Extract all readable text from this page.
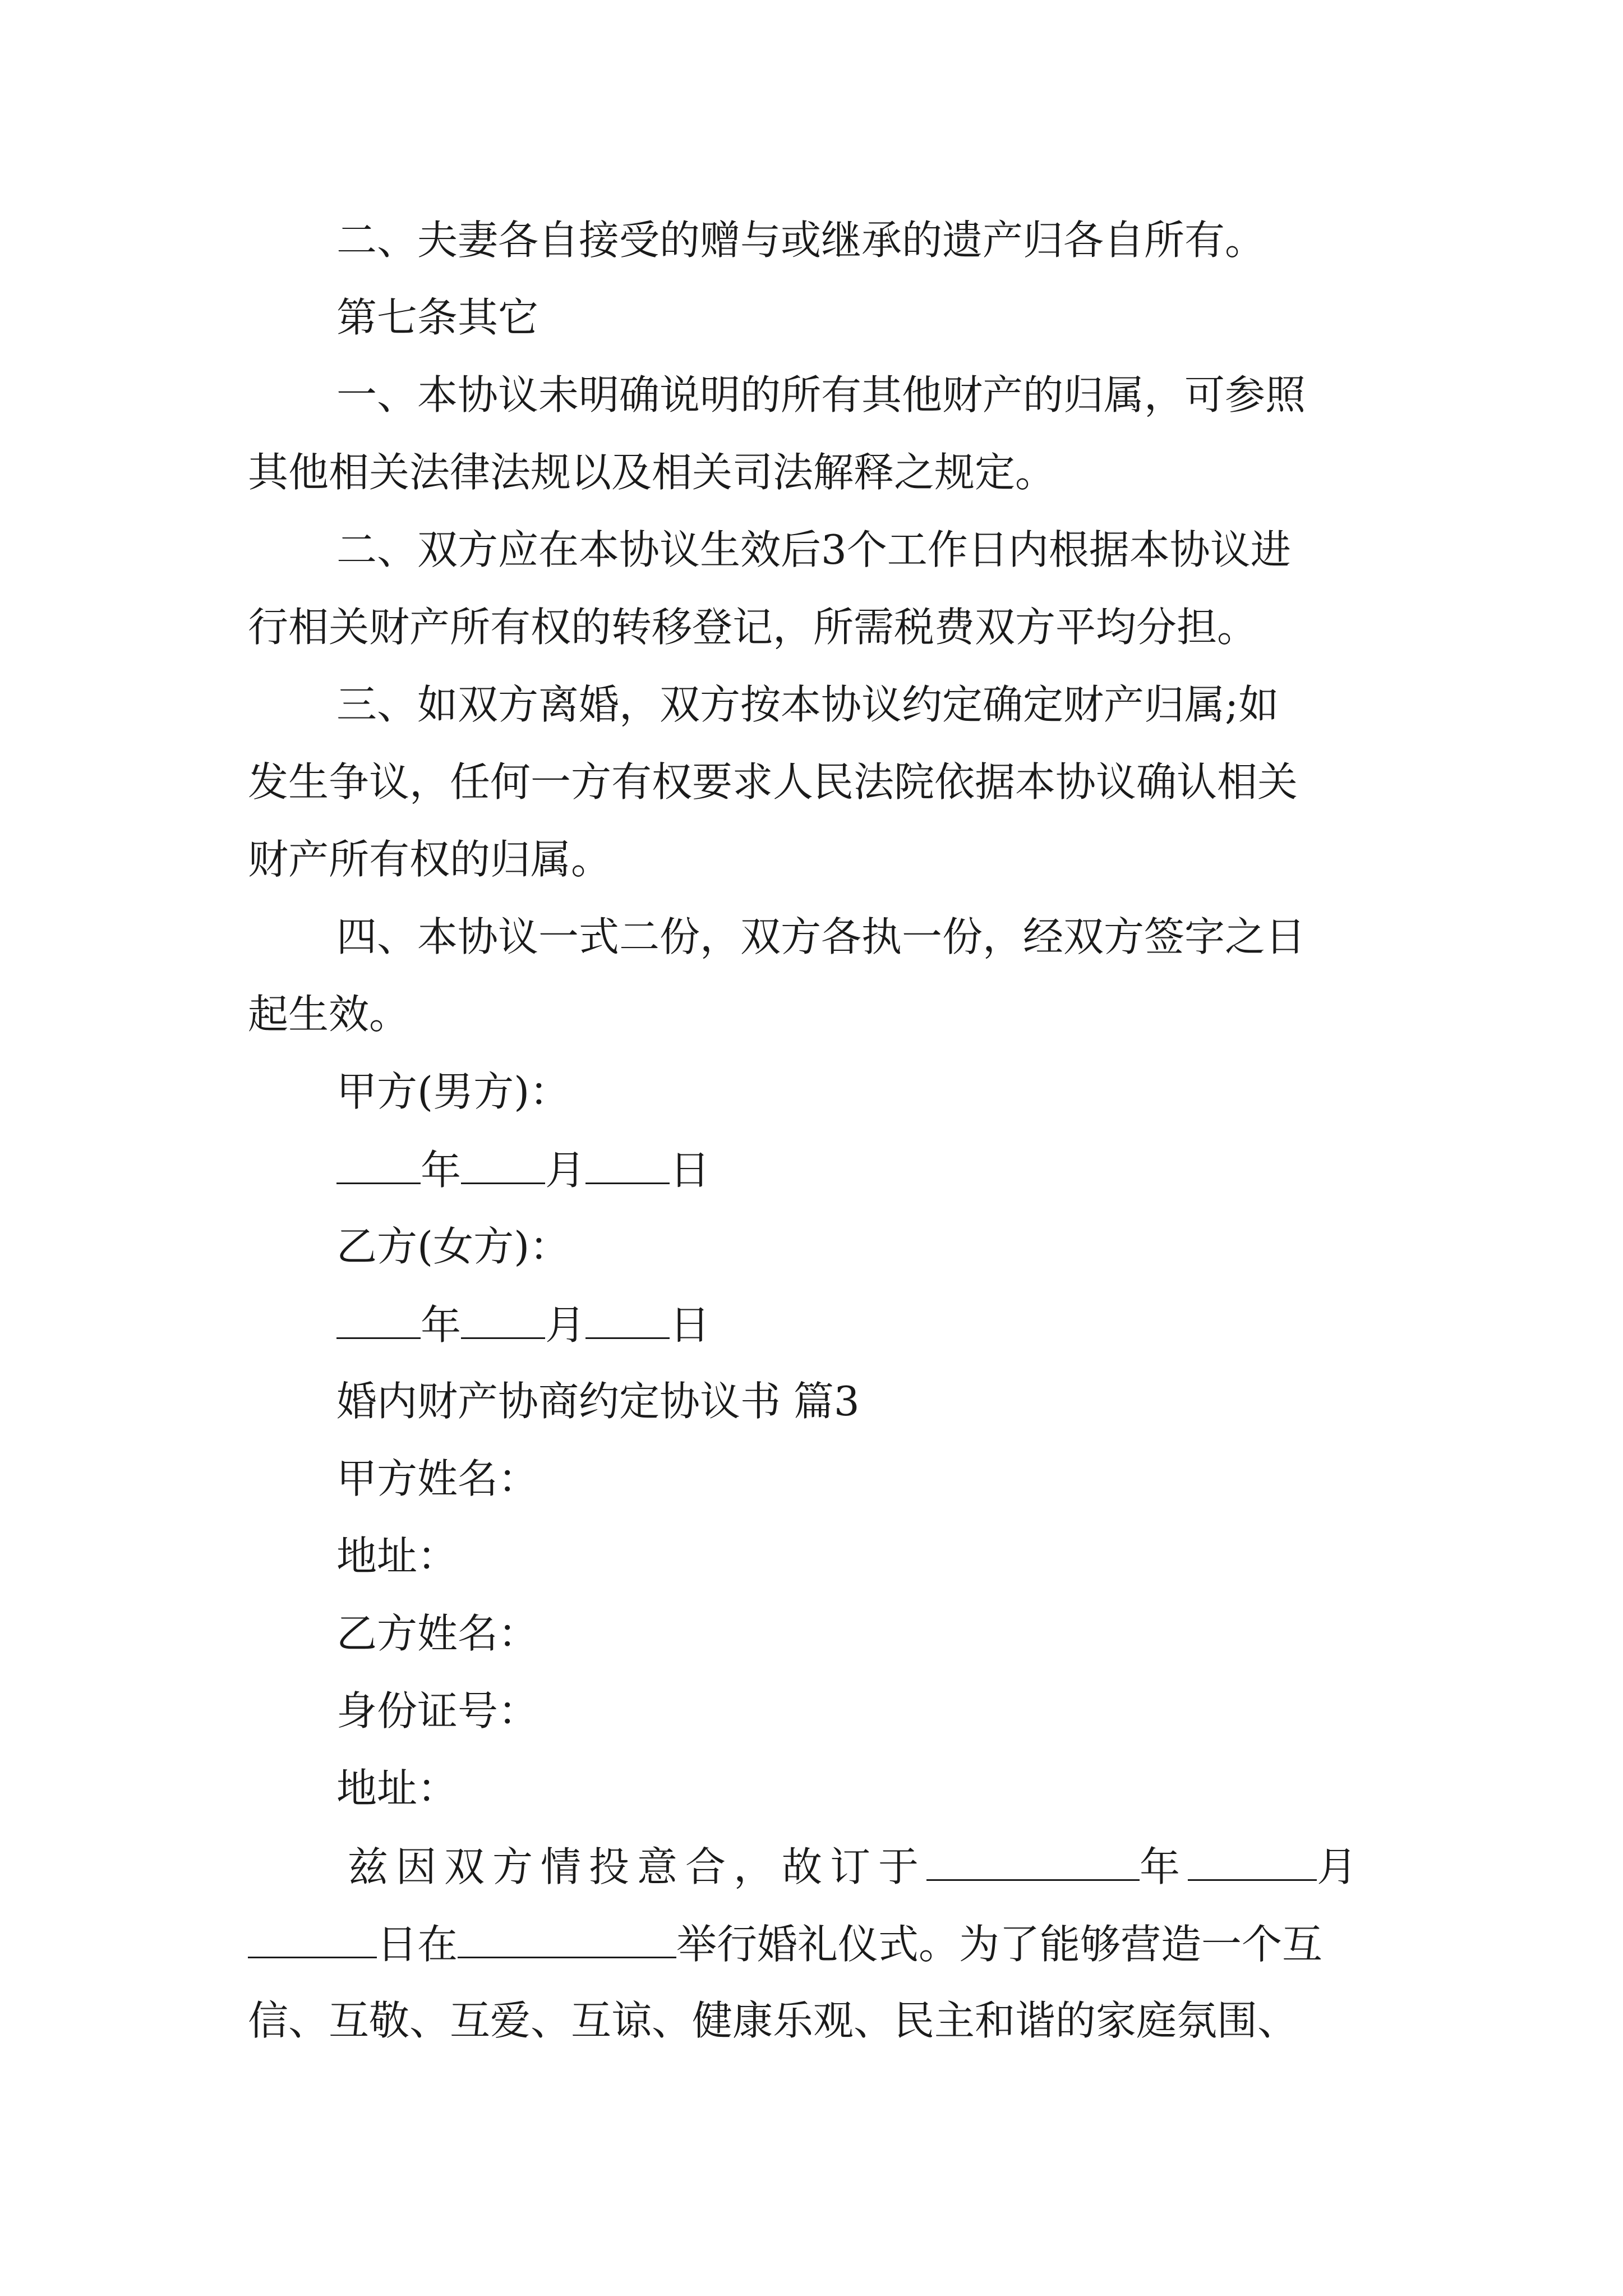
二、夫妻各自接受的赠与或继承的遗产归各自所有。
第七条其它
一、本协议未明确说明的所有其他财产的归属，可参照
其他相关法律法规以及相关司法解释之规定。
二、双方应在本协议生效后3个工作日内根据本协议进
行相关财产所有权的转移登记，所需税费双方平均分担。
三、如双方离婚，双方按本协议约定确定财产归属;如
发生争议，任何一方有权要求人民法院依据本协议确认相关
财产所有权的归属。
四、本协议一式二份，双方各执一份，经双方签字之日
起生效。
甲方(男方)：
年 月 日
乙方(女方)：
年 月 日
婚内财产协商约定协议书 篇3
甲方姓名：
地址：
乙方姓名：
身份证号：
地址：
兹因双方情投意合，故订于	年	月
日在	举行婚礼仪式。为了能够营造一个互
信、互敬、互爱、互谅、健康乐观、民主和谐的家庭氛围、
